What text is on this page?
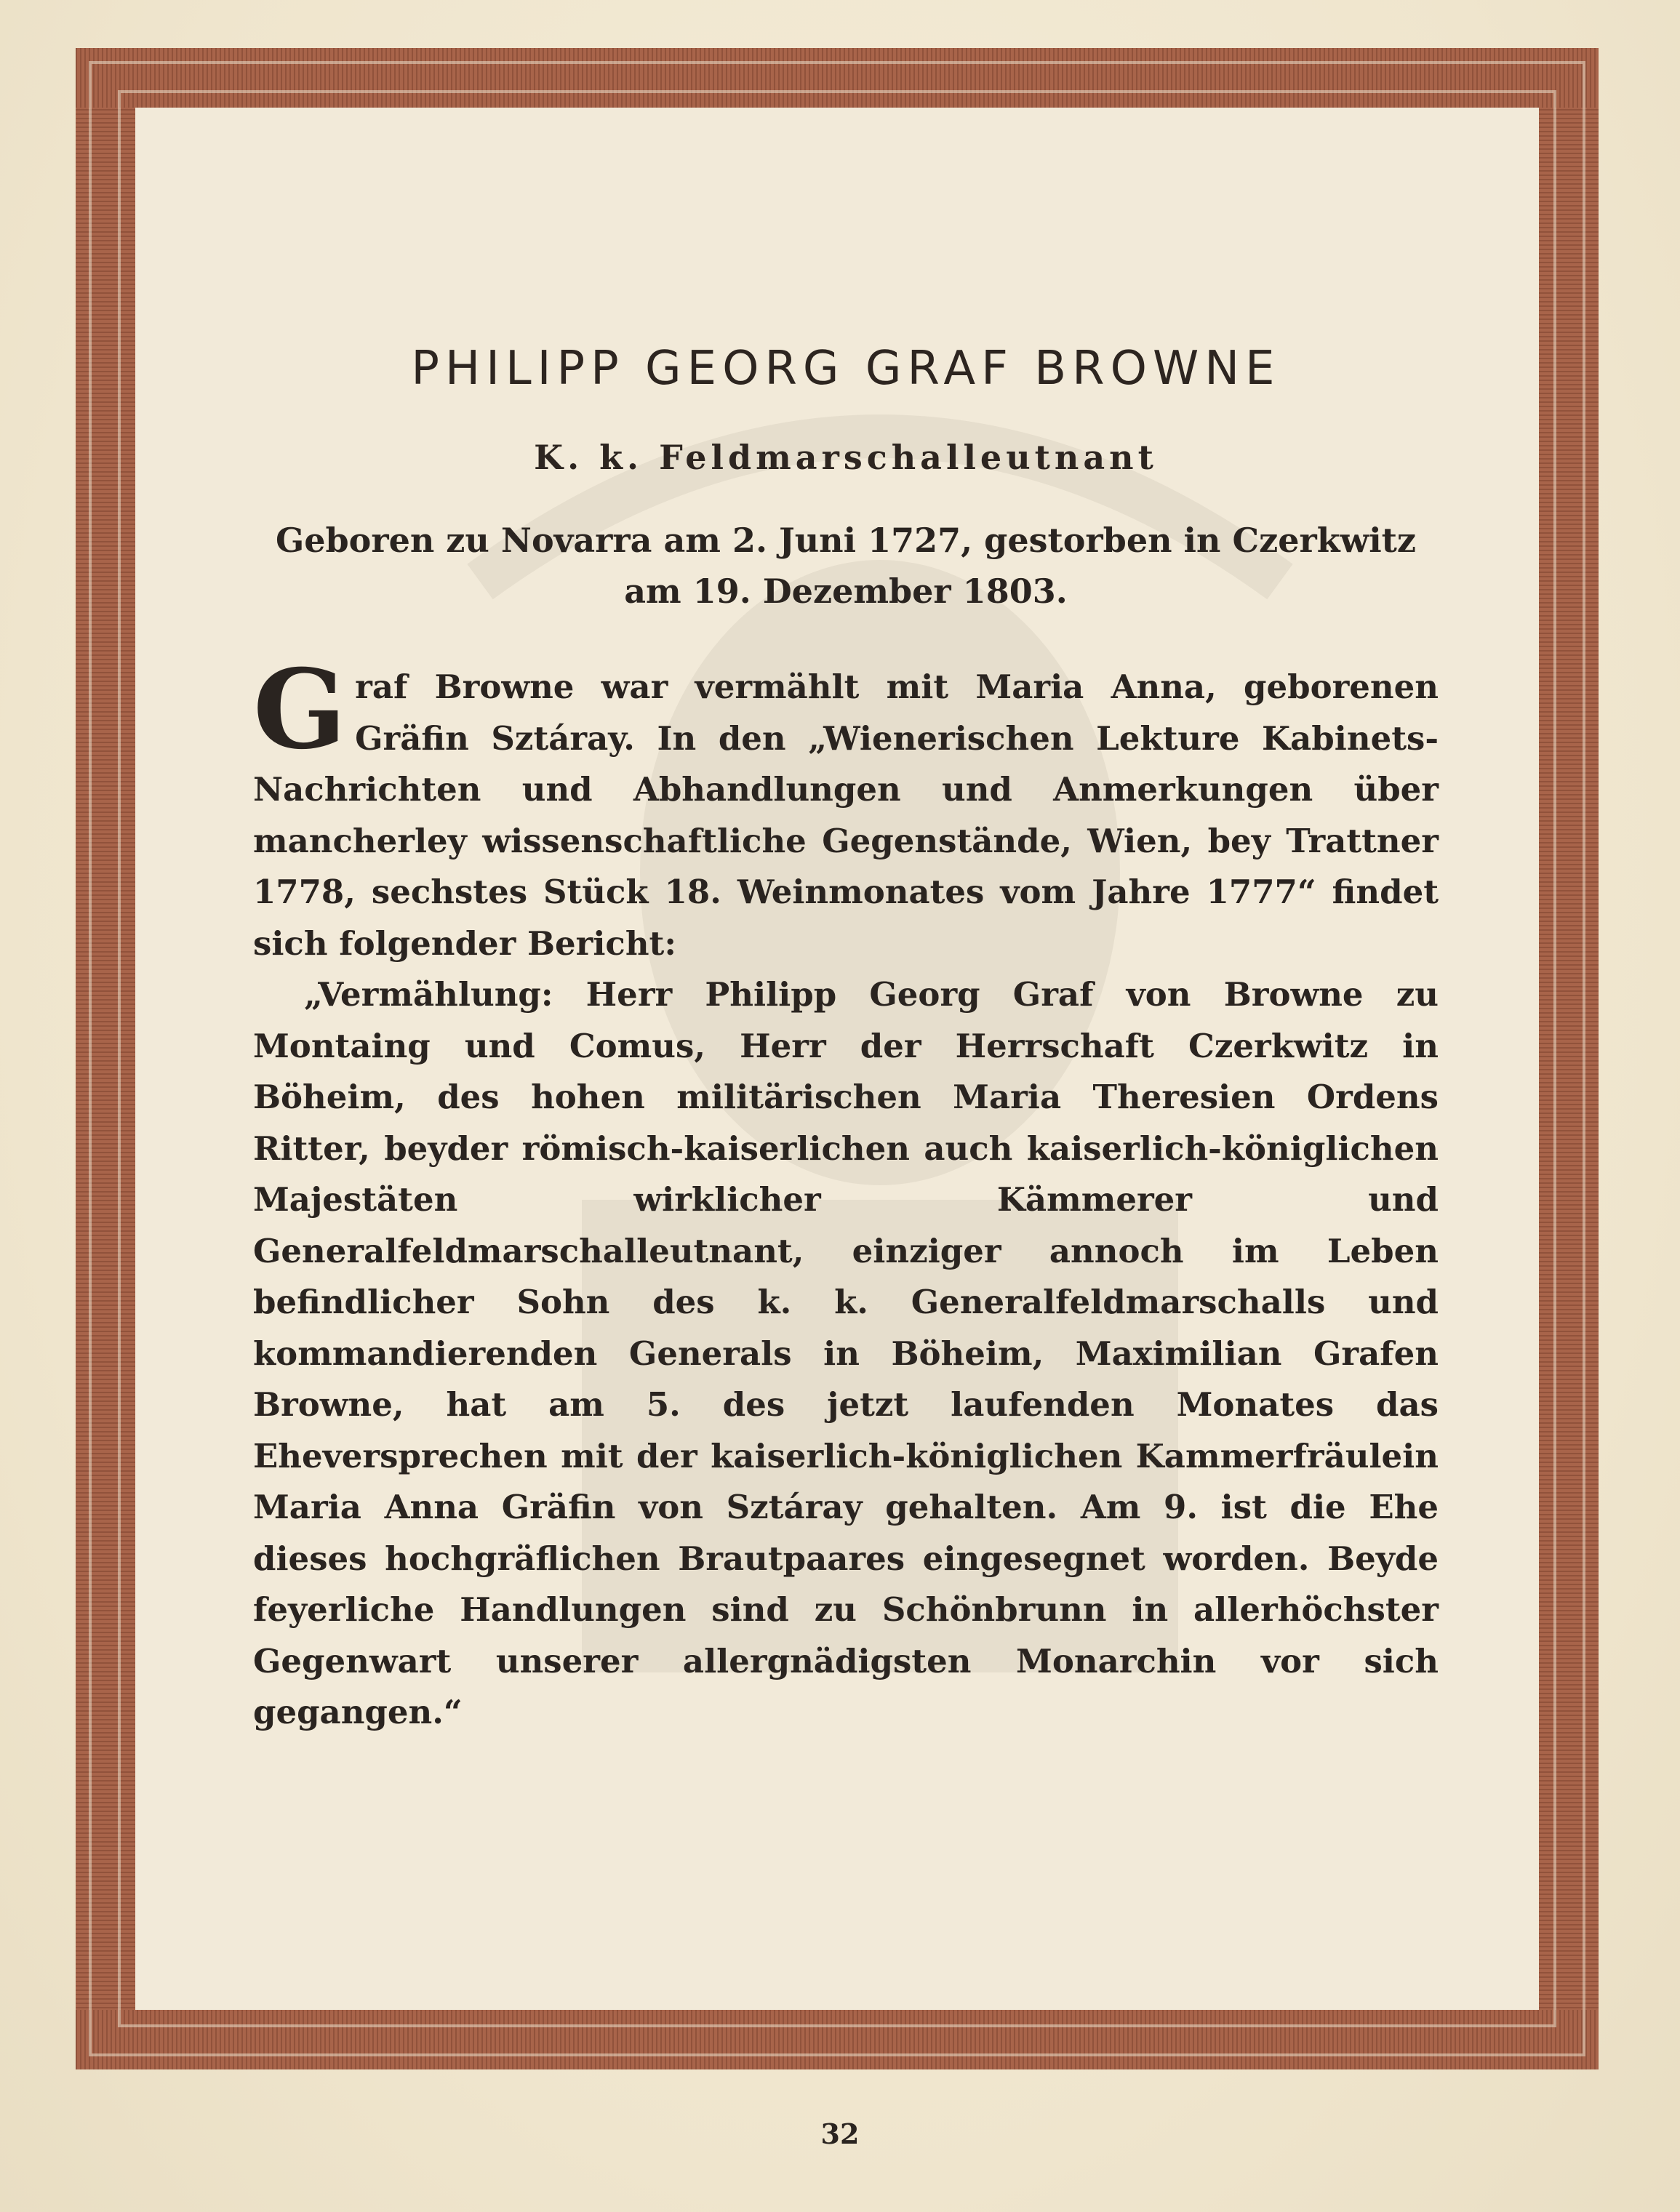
PHILIPP GEORG GRAF BROWNE
K. k. Feldmarschalleutnant
Geboren zu Novarra am 2. Juni 1727, gestorben in Czerkwitz am 19. Dezember 1803.

Graf Browne war vermählt mit Maria Anna, geborenen Gräfin Sztáray. In den „Wienerischen Lekture Kabinets- Nachrichten und Abhandlungen und Anmerkungen über mancherley wissenschaftliche Gegenstände, Wien, bey Trattner 1778, sechstes Stück 18. Weinmonates vom Jahre 1777“ findet sich folgender Bericht:

„Vermählung: Herr Philipp Georg Graf von Browne zu Montaing und Comus, Herr der Herrschaft Czerkwitz in Böheim, des hohen militärischen Maria Theresien Ordens Ritter, beyder römisch-kaiserlichen auch kaiserlich-königlichen Majestäten wirklicher Kämmerer und Generalfeldmarschalleutnant, einziger annoch im Leben befindlicher Sohn des k. k. Generalfeldmarschalls und kommandierenden Generals in Böheim, Maximilian Grafen Browne, hat am 5. des jetzt laufenden Monates das Eheversprechen mit der kaiserlich-königlichen Kammerfräulein Maria Anna Gräfin von Sztáray gehalten. Am 9. ist die Ehe dieses hochgräflichen Brautpaares eingesegnet worden. Beyde feyerliche Handlungen sind zu Schönbrunn in allerhöchster Gegenwart unserer allergnädigsten Monarchin vor sich gegangen.“

32
